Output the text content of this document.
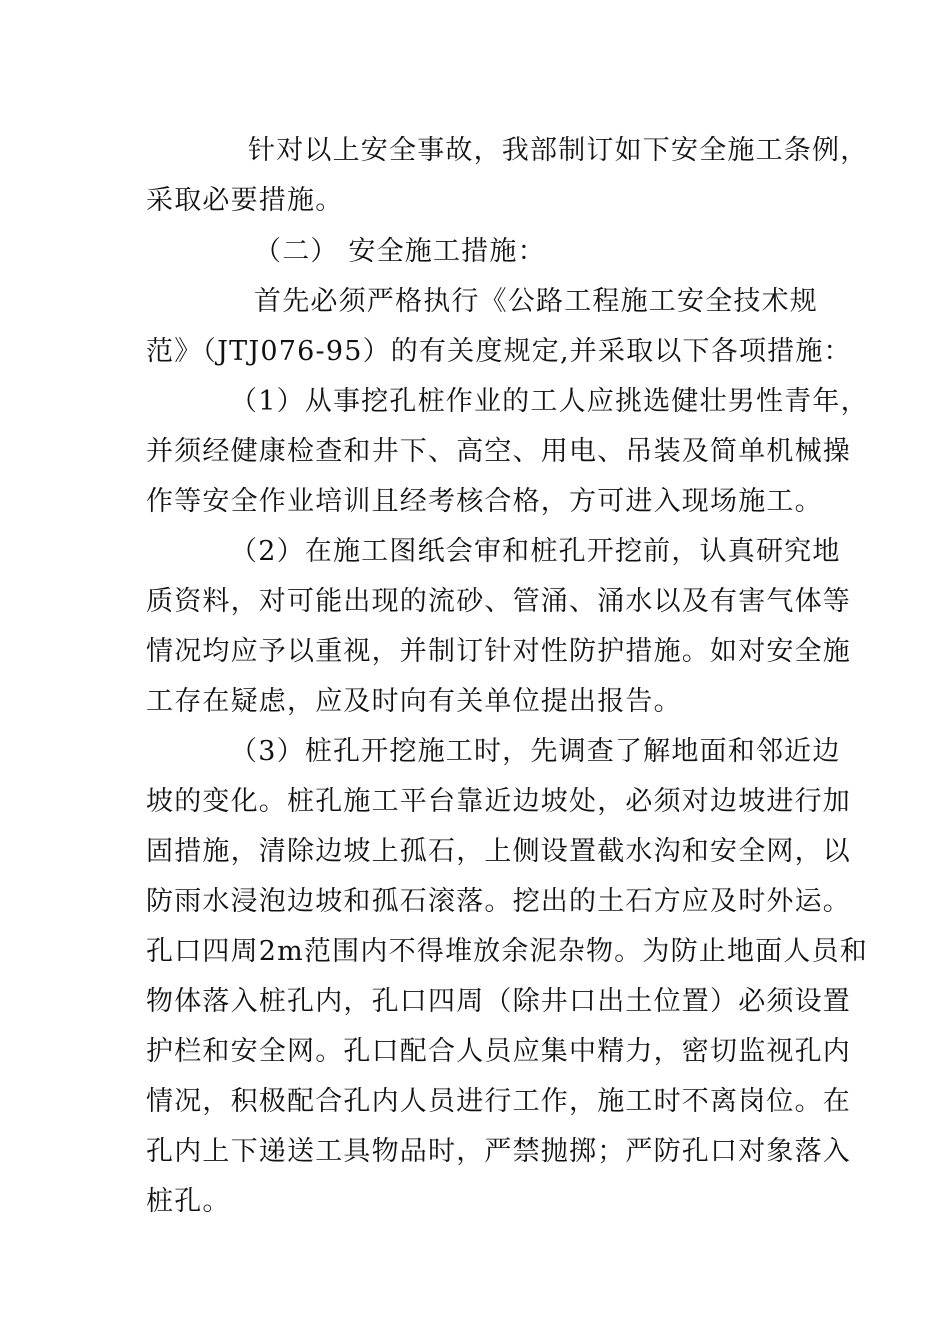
针对以上安全事故，我部制订如下安全施工条例，
采取必要措施。
（二） 安全施工措施：
首先必须严格执行《公路工程施工安全技术规
范》（JTJ076-95）的有关度规定,并采取以下各项措施：
（1）从事挖孔桩作业的工人应挑选健壮男性青年，
并须经健康检查和井下、高空、用电、吊装及简单机械操
作等安全作业培训且经考核合格，方可进入现场施工。
（2）在施工图纸会审和桩孔开挖前，认真研究地
质资料，对可能出现的流砂、管涌、涌水以及有害气体等
情况均应予以重视，并制订针对性防护措施。如对安全施
工存在疑虑，应及时向有关单位提出报告。
（3）桩孔开挖施工时，先调查了解地面和邻近边
坡的变化。桩孔施工平台靠近边坡处，必须对边坡进行加
固措施，清除边坡上孤石，上侧设置截水沟和安全网，以
防雨水浸泡边坡和孤石滚落。挖出的土石方应及时外运。
孔口四周2m范围内不得堆放余泥杂物。为防止地面人员和
物体落入桩孔内，孔口四周（除井口出土位置）必须设置
护栏和安全网。孔口配合人员应集中精力，密切监视孔内
情况，积极配合孔内人员进行工作，施工时不离岗位。在
孔内上下递送工具物品时，严禁抛掷；严防孔口对象落入
桩孔。
